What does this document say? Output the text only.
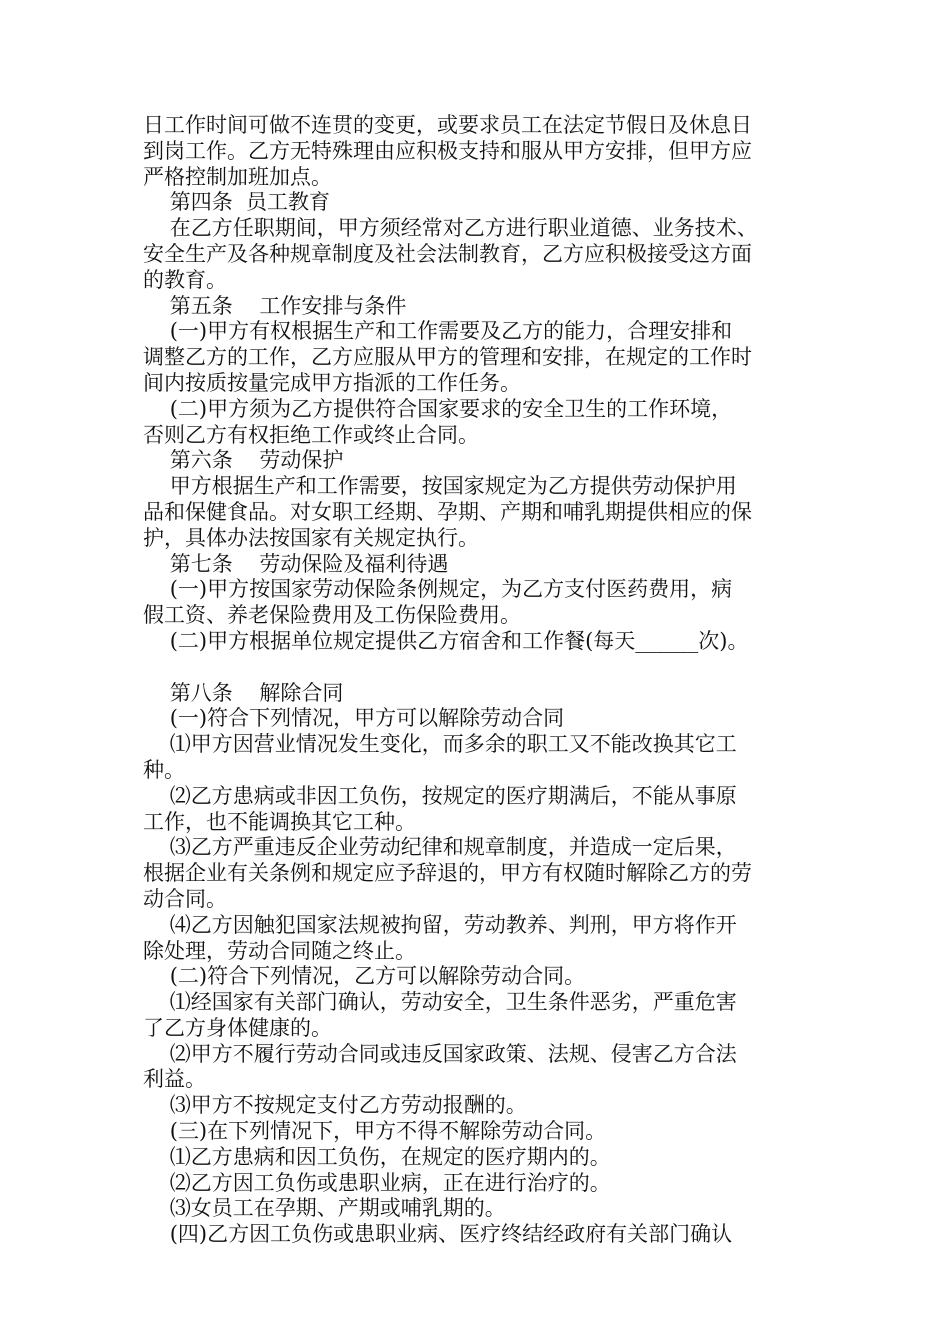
日工作时间可做不连贯的变更，或要求员工在法定节假日及休息日
到岗工作。乙方无特殊理由应积极支持和服从甲方安排，但甲方应
严格控制加班加点。
第四条  员工教育
在乙方任职期间，甲方须经常对乙方进行职业道德、业务技术、
安全生产及各种规章制度及社会法制教育，乙方应积极接受这方面
的教育。
第五条    工作安排与条件
(一)甲方有权根据生产和工作需要及乙方的能力，合理安排和
调整乙方的工作，乙方应服从甲方的管理和安排，在规定的工作时
间内按质按量完成甲方指派的工作任务。
(二)甲方须为乙方提供符合国家要求的安全卫生的工作环境，
否则乙方有权拒绝工作或终止合同。
第六条    劳动保护
甲方根据生产和工作需要，按国家规定为乙方提供劳动保护用
品和保健食品。对女职工经期、孕期、产期和哺乳期提供相应的保
护，具体办法按国家有关规定执行。
第七条    劳动保险及福利待遇
(一)甲方按国家劳动保险条例规定，为乙方支付医药费用，病
假工资、养老保险费用及工伤保险费用。
(二)甲方根据单位规定提供乙方宿舍和工作餐(每天______次)。
第八条    解除合同
(一)符合下列情况，甲方可以解除劳动合同
⑴甲方因营业情况发生变化，而多余的职工又不能改换其它工
种。
⑵乙方患病或非因工负伤，按规定的医疗期满后，不能从事原
工作，也不能调换其它工种。
⑶乙方严重违反企业劳动纪律和规章制度，并造成一定后果，
根据企业有关条例和规定应予辞退的，甲方有权随时解除乙方的劳
动合同。
⑷乙方因触犯国家法规被拘留，劳动教养、判刑，甲方将作开
除处理，劳动合同随之终止。
(二)符合下列情况，乙方可以解除劳动合同。
⑴经国家有关部门确认，劳动安全，卫生条件恶劣，严重危害
了乙方身体健康的。
⑵甲方不履行劳动合同或违反国家政策、法规、侵害乙方合法
利益。
⑶甲方不按规定支付乙方劳动报酬的。
(三)在下列情况下，甲方不得不解除劳动合同。
⑴乙方患病和因工负伤，在规定的医疗期内的。
⑵乙方因工负伤或患职业病，正在进行治疗的。
⑶女员工在孕期、产期或哺乳期的。
(四)乙方因工负伤或患职业病、医疗终结经政府有关部门确认
